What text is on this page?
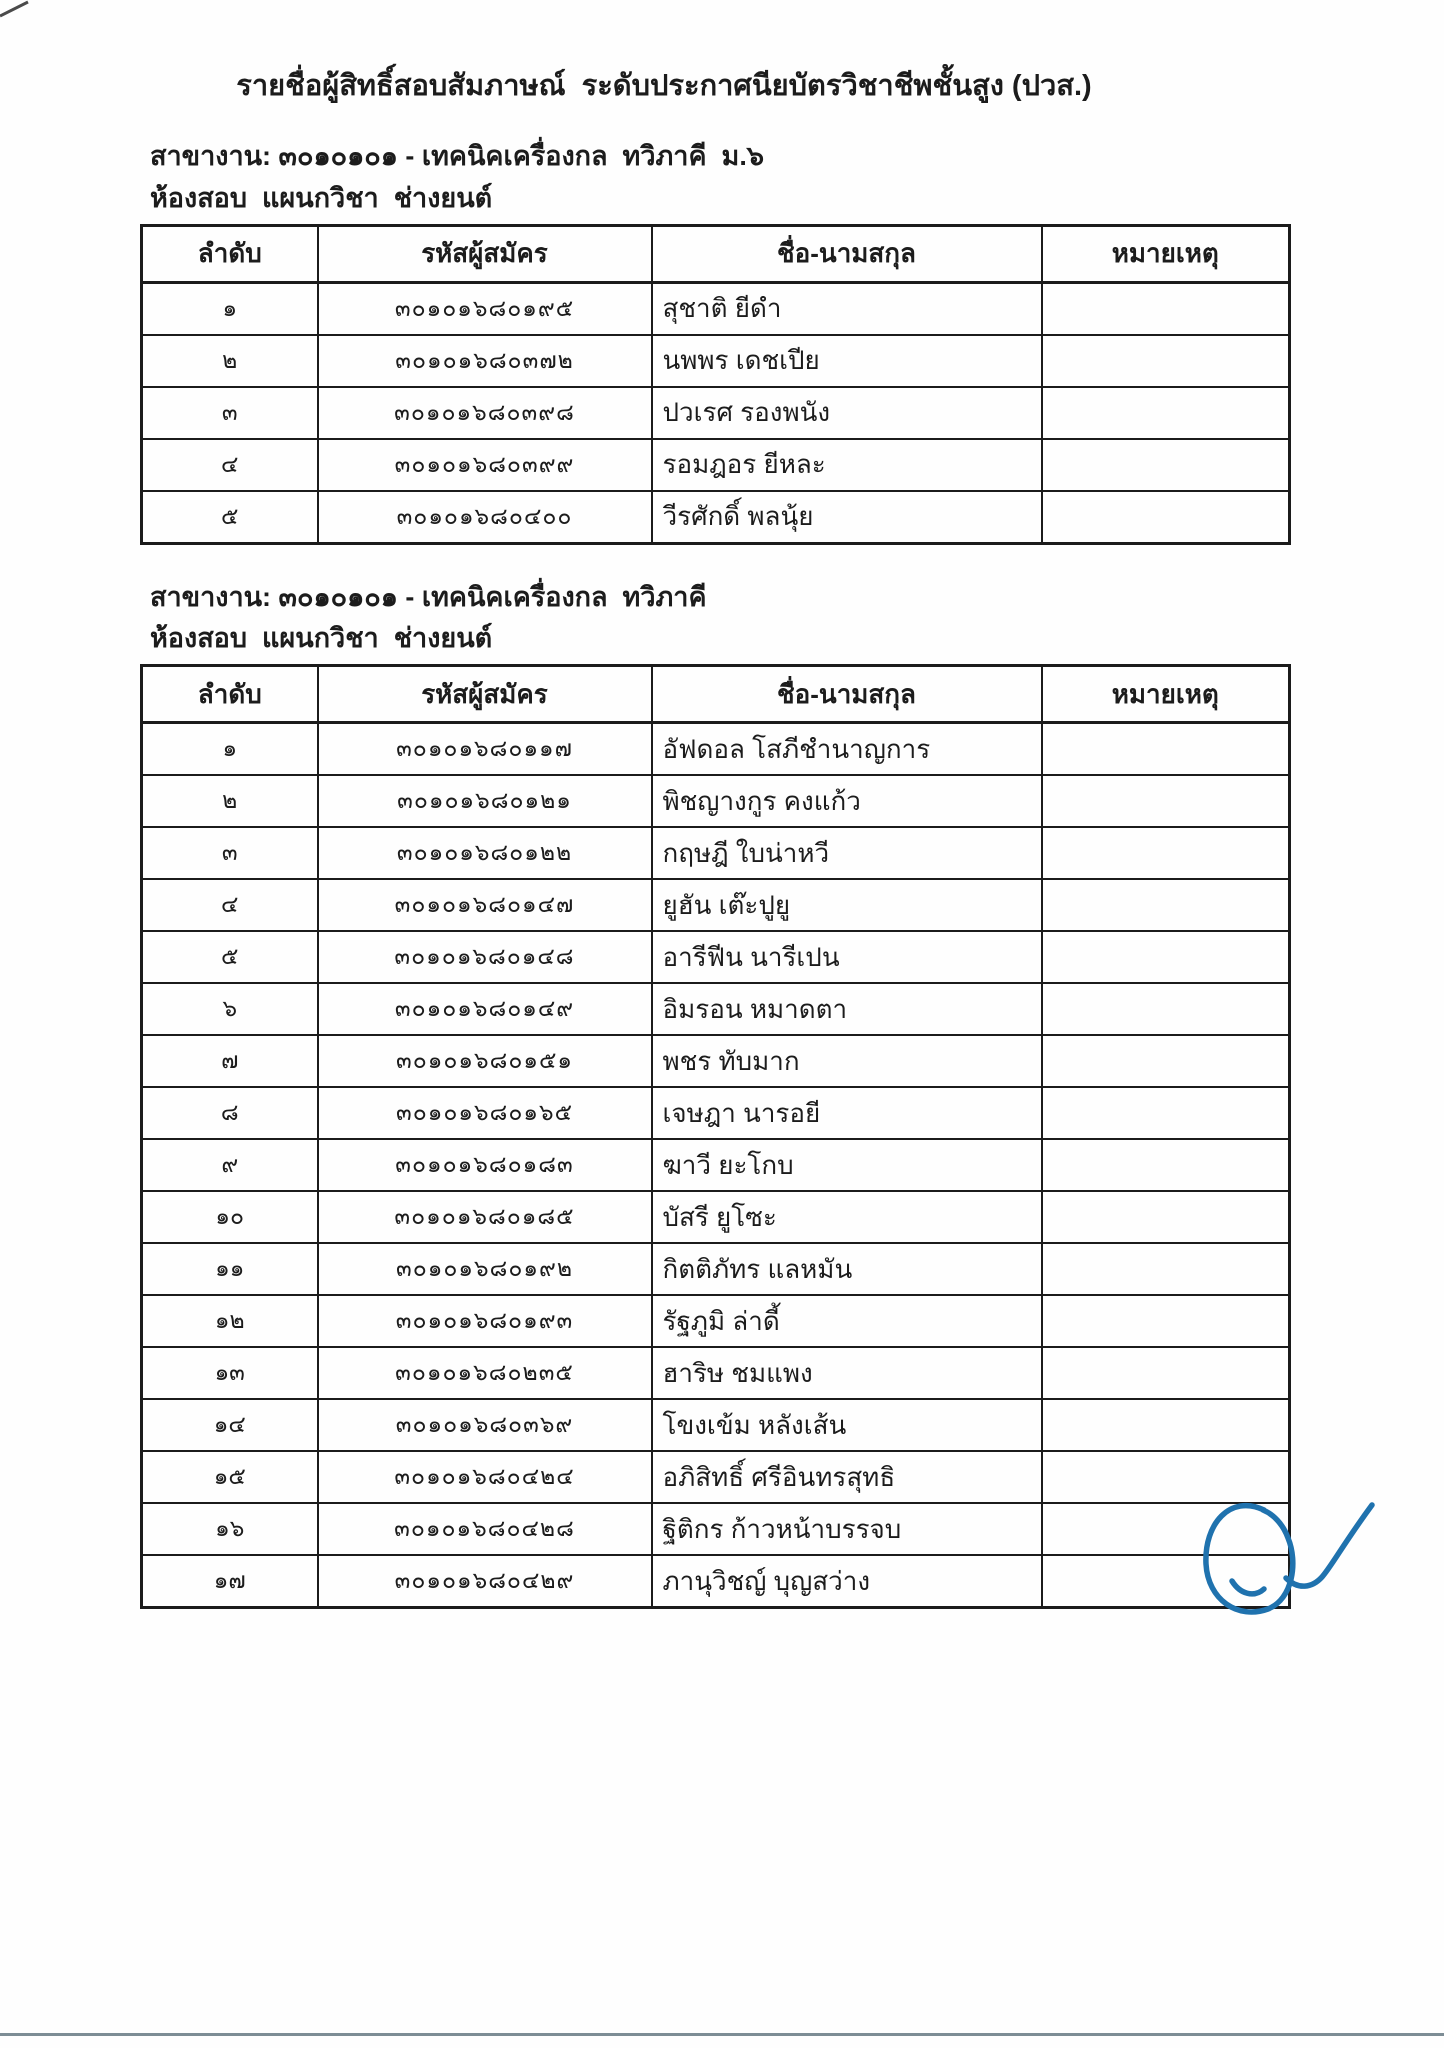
รายชื่อผู้สิทธิ์สอบสัมภาษณ์  ระดับประกาศนียบัตรวิชาชีพชั้นสูง (ปวส.)
สาขางาน: ๓๐๑๐๑๐๑ - เทคนิคเครื่องกล  ทวิภาคี  ม.๖
ห้องสอบ  แผนกวิชา  ช่างยนต์
ลำดับ	รหัสผู้สมัคร	ชื่อ-นามสกุล	หมายเหตุ
๑	๓๐๑๐๑๖๘๐๑๙๕	สุชาติ ยีดำ	
๒	๓๐๑๐๑๖๘๐๓๗๒	นพพร เดชเปีย	
๓	๓๐๑๐๑๖๘๐๓๙๘	ปวเรศ รองพนัง	
๔	๓๐๑๐๑๖๘๐๓๙๙	รอมฎอร ยีหละ	
๕	๓๐๑๐๑๖๘๐๔๐๐	วีรศักดิ์ พลนุ้ย	
สาขางาน: ๓๐๑๐๑๐๑ - เทคนิคเครื่องกล  ทวิภาคี
ห้องสอบ  แผนกวิชา  ช่างยนต์
ลำดับ	รหัสผู้สมัคร	ชื่อ-นามสกุล	หมายเหตุ
๑	๓๐๑๐๑๖๘๐๑๑๗	อัฟดอล โสภีชำนาญการ	
๒	๓๐๑๐๑๖๘๐๑๒๑	พิชญางกูร คงแก้ว	
๓	๓๐๑๐๑๖๘๐๑๒๒	กฤษฎี ใบน่าหวี	
๔	๓๐๑๐๑๖๘๐๑๔๗	ยูฮัน เต๊ะปูยู	
๕	๓๐๑๐๑๖๘๐๑๔๘	อารีฟีน นารีเปน	
๖	๓๐๑๐๑๖๘๐๑๔๙	อิมรอน หมาดตา	
๗	๓๐๑๐๑๖๘๐๑๕๑	พชร ทับมาก	
๘	๓๐๑๐๑๖๘๐๑๖๕	เจษฎา นารอยี	
๙	๓๐๑๐๑๖๘๐๑๘๓	ฆาวี ยะโกบ	
๑๐	๓๐๑๐๑๖๘๐๑๘๕	บัสรี ยูโซะ	
๑๑	๓๐๑๐๑๖๘๐๑๙๒	กิตติภัทร แลหมัน	
๑๒	๓๐๑๐๑๖๘๐๑๙๓	รัฐภูมิ ล่าดี้	
๑๓	๓๐๑๐๑๖๘๐๒๓๕	ฮาริษ ชมแพง	
๑๔	๓๐๑๐๑๖๘๐๓๖๙	โขงเข้ม หลังเส้น	
๑๕	๓๐๑๐๑๖๘๐๔๒๔	อภิสิทธิ์ ศรีอินทรสุทธิ	
๑๖	๓๐๑๐๑๖๘๐๔๒๘	ฐิติกร ก้าวหน้าบรรจบ	
๑๗	๓๐๑๐๑๖๘๐๔๒๙	ภานุวิชญ์ บุญสว่าง	
